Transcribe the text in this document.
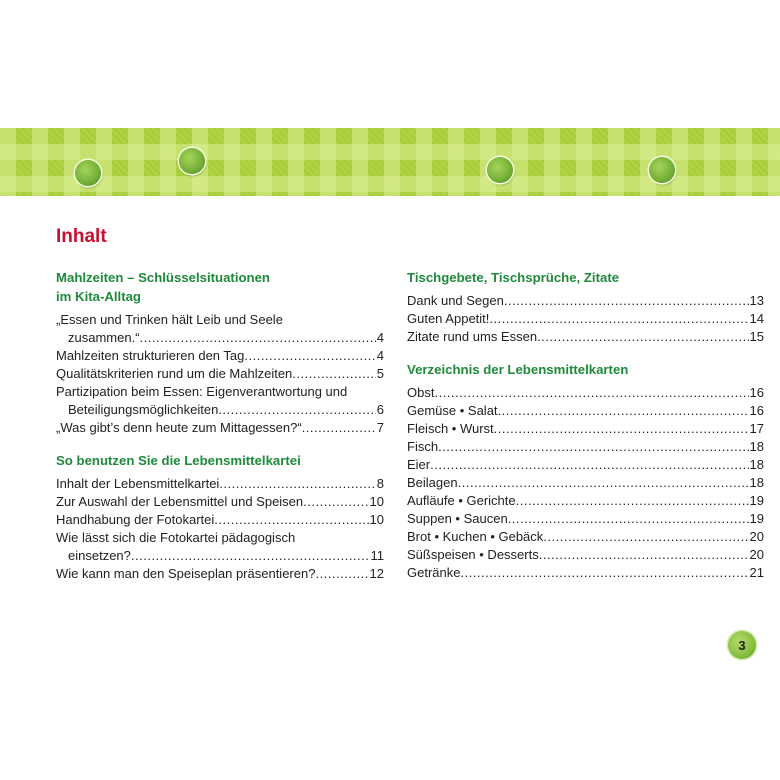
Inhalt
Mahlzeiten – Schlüsselsituationen
im Kita-Alltag
„Essen und Trinken hält Leib und Seele
zusammen.“ .....	4
Mahlzeiten strukturieren den Tag .....	4
Qualitätskriterien rund um die Mahlzeiten .....	5
Partizipation beim Essen: Eigenverantwortung und
Beteiligungsmöglichkeiten .....	6
„Was gibt’s denn heute zum Mittagessen?“ .....	7
So benutzen Sie die Lebensmittelkartei
Inhalt der Lebensmittelkartei .....	8
Zur Auswahl der Lebensmittel und Speisen .....	10
Handhabung der Fotokartei .....	10
Wie lässt sich die Fotokartei pädagogisch
einsetzen? .....	11
Wie kann man den Speiseplan präsentieren? .....	12
Tischgebete, Tischsprüche, Zitate
Dank und Segen .....	13
Guten Appetit! .....	14
Zitate rund ums Essen .....	15
Verzeichnis der Lebensmittelkarten
Obst .....	16
Gemüse • Salat .....	16
Fleisch • Wurst .....	17
Fisch .....	18
Eier .....	18
Beilagen .....	18
Aufläufe • Gerichte .....	19
Suppen • Saucen .....	19
Brot • Kuchen • Gebäck .....	20
Süßspeisen • Desserts .....	20
Getränke .....	21
3
